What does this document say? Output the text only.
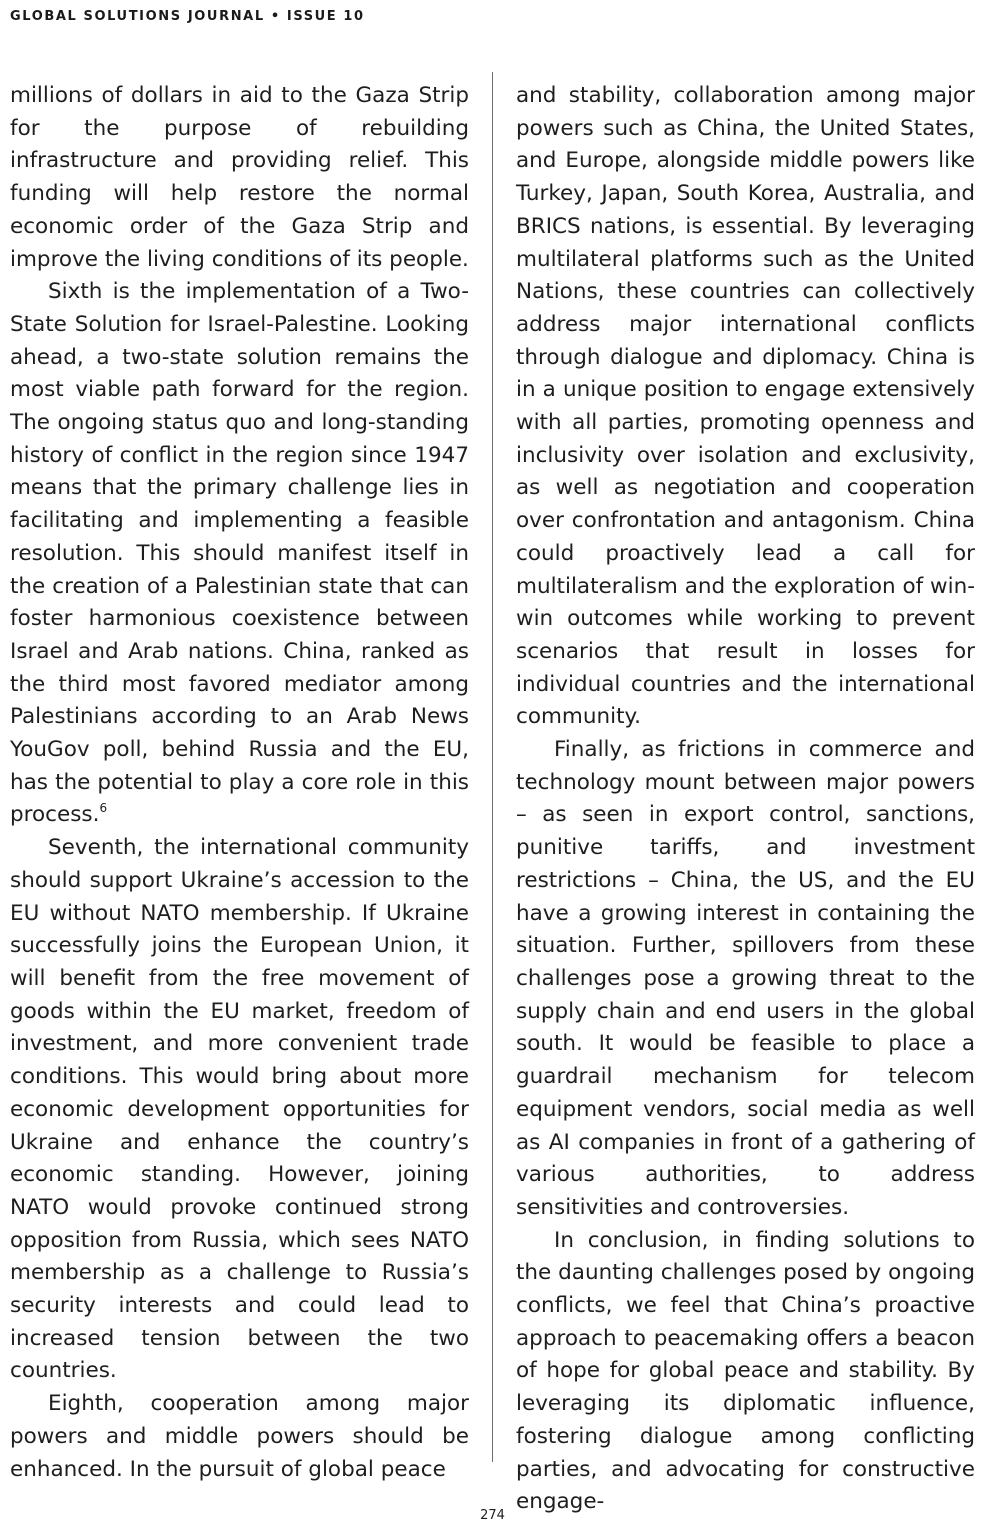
GLOBAL SOLUTIONS JOURNAL • ISSUE 10

millions of dollars in aid to the Gaza Strip for the purpose of rebuilding infrastructure and providing relief. This funding will help restore the normal economic order of the Gaza Strip and improve the living conditions of its people.

Sixth is the implementation of a Two-State Solution for Israel-Palestine. Looking ahead, a two-state solution remains the most viable path forward for the region. The ongoing status quo and long-standing history of conflict in the region since 1947 means that the primary challenge lies in facilitating and implementing a feasible resolution. This should manifest itself in the creation of a Palestinian state that can foster harmonious coexistence between Israel and Arab nations. China, ranked as the third most favored mediator among Palestinians according to an Arab News YouGov poll, behind Russia and the EU, has the potential to play a core role in this process.$^6$

Seventh, the international community should support Ukraine’s accession to the EU without NATO membership. If Ukraine successfully joins the European Union, it will benefit from the free movement of goods within the EU market, freedom of investment, and more convenient trade conditions. This would bring about more economic development opportunities for Ukraine and enhance the country’s economic standing. However, joining NATO would provoke continued strong opposition from Russia, which sees NATO membership as a challenge to Russia’s security interests and could lead to increased tension between the two countries.

Eighth, cooperation among major powers and middle powers should be enhanced. In the pursuit of global peace

and stability, collaboration among major powers such as China, the United States, and Europe, alongside middle powers like Turkey, Japan, South Korea, Australia, and BRICS nations, is essential. By leveraging multilateral platforms such as the United Nations, these countries can collectively address major international conflicts through dialogue and diplomacy. China is in a unique position to engage extensively with all parties, promoting openness and inclusivity over isolation and exclusivity, as well as negotiation and cooperation over confrontation and antagonism. China could proactively lead a call for multilateralism and the exploration of win-win outcomes while working to prevent scenarios that result in losses for individual countries and the international community.

Finally, as frictions in commerce and technology mount between major powers – as seen in export control, sanctions, punitive tariffs, and investment restrictions – China, the US, and the EU have a growing interest in containing the situation. Further, spillovers from these challenges pose a growing threat to the supply chain and end users in the global south. It would be feasible to place a guardrail mechanism for telecom equipment vendors, social media as well as AI companies in front of a gathering of various authorities, to address sensitivities and controversies.

In conclusion, in finding solutions to the daunting challenges posed by ongoing conflicts, we feel that China’s proactive approach to peacemaking offers a beacon of hope for global peace and stability. By leveraging its diplomatic influence, fostering dialogue among conflicting parties, and advocating for constructive engage-

274
